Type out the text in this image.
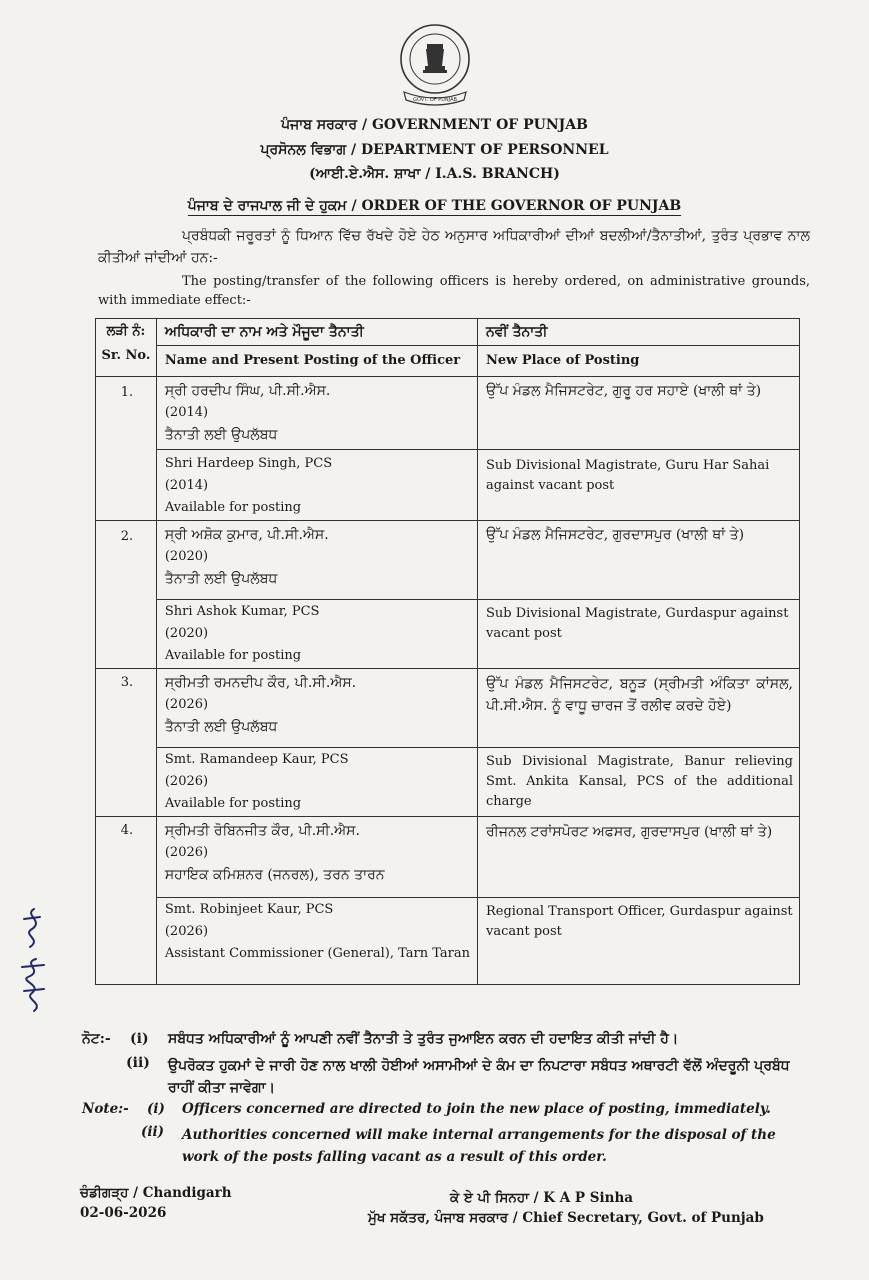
GOVT. OF PUNJAB
ਪੰਜਾਬ ਸਰਕਾਰ / GOVERNMENT OF PUNJAB
ਪ੍ਰਸੋਨਲ ਵਿਭਾਗ / DEPARTMENT OF PERSONNEL
(ਆਈ.ਏ.ਐਸ. ਸ਼ਾਖਾ / I.A.S. BRANCH)
ਪੰਜਾਬ ਦੇ ਰਾਜਪਾਲ ਜੀ ਦੇ ਹੁਕਮ / ORDER OF THE GOVERNOR OF PUNJAB
ਪ੍ਰਬੰਧਕੀ ਜਰੂਰਤਾਂ ਨੂੰ ਧਿਆਨ ਵਿੱਚ ਰੱਖਦੇ ਹੋਏ ਹੇਠ ਅਨੁਸਾਰ ਅਧਿਕਾਰੀਆਂ ਦੀਆਂ ਬਦਲੀਆਂ/ਤੈਨਾਤੀਆਂ, ਤੁਰੰਤ ਪ੍ਰਭਾਵ ਨਾਲ ਕੀਤੀਆਂ ਜਾਂਦੀਆਂ ਹਨ:-
The posting/transfer of the following officers is hereby ordered, on administrative grounds, with immediate effect:-
ਲੜੀ ਨੰ:
Sr. No.	ਅਧਿਕਾਰੀ ਦਾ ਨਾਮ ਅਤੇ ਮੌਜੂਦਾ ਤੈਨਾਤੀ	ਨਵੀਂ ਤੈਨਾਤੀ

	Name and Present Posting of the Officer	New Place of Posting

1.	ਸ੍ਰੀ ਹਰਦੀਪ ਸਿੰਘ, ਪੀ.ਸੀ.ਐਸ.
(2014)
ਤੈਨਾਤੀ ਲਈ ਉਪਲੱਬਧ	ਉੱਪ ਮੰਡਲ ਮੈਜਿਸਟਰੇਟ, ਗੁਰੂ ਹਰ ਸਹਾਏ (ਖਾਲੀ ਥਾਂ ਤੇ)

	Shri Hardeep Singh, PCS
(2014)
Available for posting	Sub Divisional Magistrate, Guru Har Sahai against vacant post

2.	ਸ੍ਰੀ ਅਸ਼ੋਕ ਕੁਮਾਰ, ਪੀ.ਸੀ.ਐਸ.
(2020)
ਤੈਨਾਤੀ ਲਈ ਉਪਲੱਬਧ	ਉੱਪ ਮੰਡਲ ਮੈਜਿਸਟਰੇਟ, ਗੁਰਦਾਸਪੁਰ (ਖਾਲੀ ਥਾਂ ਤੇ)

	Shri Ashok Kumar, PCS
(2020)
Available for posting	Sub Divisional Magistrate, Gurdaspur against vacant post

3.	ਸ੍ਰੀਮਤੀ ਰਮਨਦੀਪ ਕੌਰ, ਪੀ.ਸੀ.ਐਸ.
(2026)
ਤੈਨਾਤੀ ਲਈ ਉਪਲੱਬਧ	ਉੱਪ ਮੰਡਲ ਮੈਜਿਸਟਰੇਟ, ਬਨੂੜ (ਸ੍ਰੀਮਤੀ ਅੰਕਿਤਾ ਕਾਂਸਲ, ਪੀ.ਸੀ.ਐਸ. ਨੂੰ ਵਾਧੂ ਚਾਰਜ ਤੋਂ ਰਲੀਵ ਕਰਦੇ ਹੋਏ)

	Smt. Ramandeep Kaur, PCS
(2026)
Available for posting	Sub Divisional Magistrate, Banur relieving Smt. Ankita Kansal, PCS of the additional charge

4.	ਸ੍ਰੀਮਤੀ ਰੋਬਿਨਜੀਤ ਕੌਰ, ਪੀ.ਸੀ.ਐਸ.
(2026)
ਸਹਾਇਕ ਕਮਿਸ਼ਨਰ (ਜਨਰਲ), ਤਰਨ ਤਾਰਨ	ਰੀਜਨਲ ਟਰਾਂਸਪੋਰਟ ਅਫਸਰ, ਗੁਰਦਾਸਪੁਰ (ਖਾਲੀ ਥਾਂ ਤੇ)

	Smt. Robinjeet Kaur, PCS
(2026)
Assistant Commissioner (General), Tarn Taran	Regional Transport Officer, Gurdaspur against vacant post
ਨੋਟ:- (i) ਸਬੰਧਤ ਅਧਿਕਾਰੀਆਂ ਨੂੰ ਆਪਣੀ ਨਵੀਂ ਤੈਨਾਤੀ ਤੇ ਤੁਰੰਤ ਜੁਆਇਨ ਕਰਨ ਦੀ ਹਦਾਇਤ ਕੀਤੀ ਜਾਂਦੀ ਹੈ।
(ii) ਉਪਰੋਕਤ ਹੁਕਮਾਂ ਦੇ ਜਾਰੀ ਹੋਣ ਨਾਲ ਖਾਲੀ ਹੋਈਆਂ ਅਸਾਮੀਆਂ ਦੇ ਕੰਮ ਦਾ ਨਿਪਟਾਰਾ ਸਬੰਧਤ ਅਥਾਰਟੀ ਵੱਲੋਂ ਅੰਦਰੂਨੀ ਪ੍ਰਬੰਧ ਰਾਹੀਂ ਕੀਤਾ ਜਾਵੇਗਾ।
Note:- (i) Officers concerned are directed to join the new place of posting, immediately.
(ii) Authorities concerned will make internal arrangements for the disposal of the work of the posts falling vacant as a result of this order.
ਚੰਡੀਗੜ੍ਹ / Chandigarh
02-06-2026
ਕੇ ਏ ਪੀ ਸਿਨਹਾ / K A P Sinha
ਮੁੱਖ ਸਕੱਤਰ, ਪੰਜਾਬ ਸਰਕਾਰ / Chief Secretary, Govt. of Punjab
